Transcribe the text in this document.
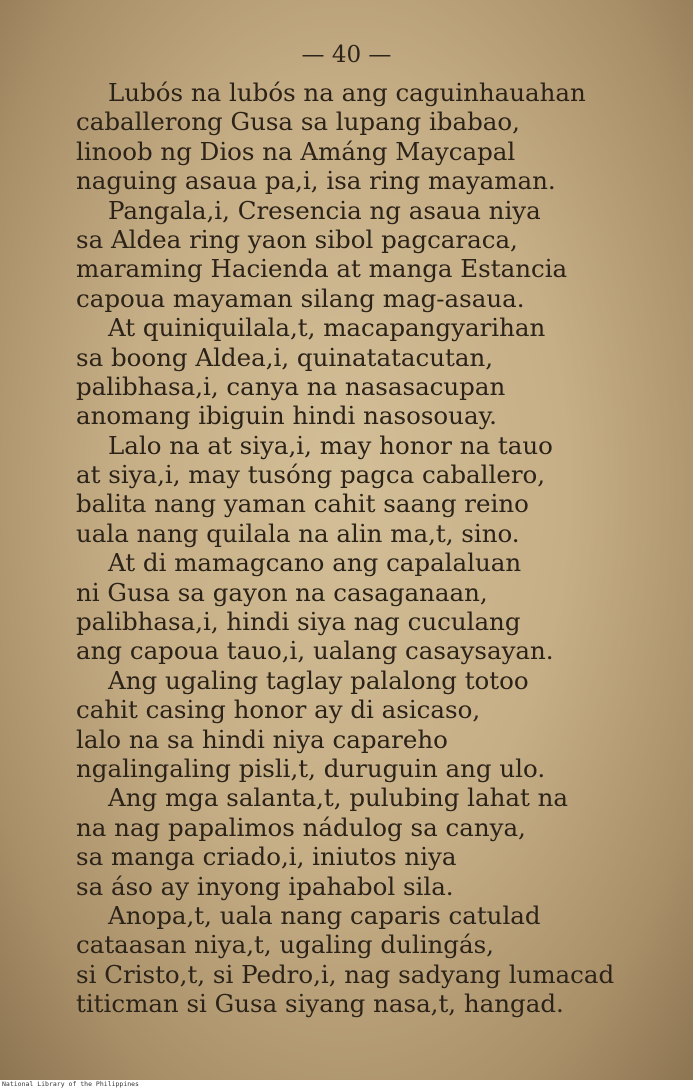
— 40 —
Lubós na lubós na ang caguinhauahan
caballerong Gusa sa lupang ibabao,
linoob ng Dios na Amáng Maycapal
naguing asaua pa,i, isa ring mayaman.
Pangala,i, Cresencia ng asaua niya
sa Aldea ring yaon sibol pagcaraca,
maraming Hacienda at manga Estancia
capoua mayaman silang mag-asaua.
At quiniquilala,t, macapangyarihan
sa boong Aldea,i, quinatatacutan,
palibhasa,i, canya na nasasacupan
anomang ibiguin hindi nasosouay.
Lalo na at siya,i, may honor na tauo
at siya,i, may tusóng pagca caballero,
balita nang yaman cahit saang reino
uala nang quilala na alin ma,t, sino.
At di mamagcano ang capalaluan
ni Gusa sa gayon na casaganaan,
palibhasa,i, hindi siya nag cuculang
ang capoua tauo,i, ualang casaysayan.
Ang ugaling taglay palalong totoo
cahit casing honor ay di asicaso,
lalo na sa hindi niya capareho
ngalingaling pisli,t, duruguin ang ulo.
Ang mga salanta,t, pulubing lahat na
na nag papalimos nádulog sa canya,
sa manga criado,i, iniutos niya
sa áso ay inyong ipahabol sila.
Anopa,t, uala nang caparis catulad
cataasan niya,t, ugaling dulingás,
si Cristo,t, si Pedro,i, nag sadyang lumacad
titicman si Gusa siyang nasa,t, hangad.
National Library of the Philippines
